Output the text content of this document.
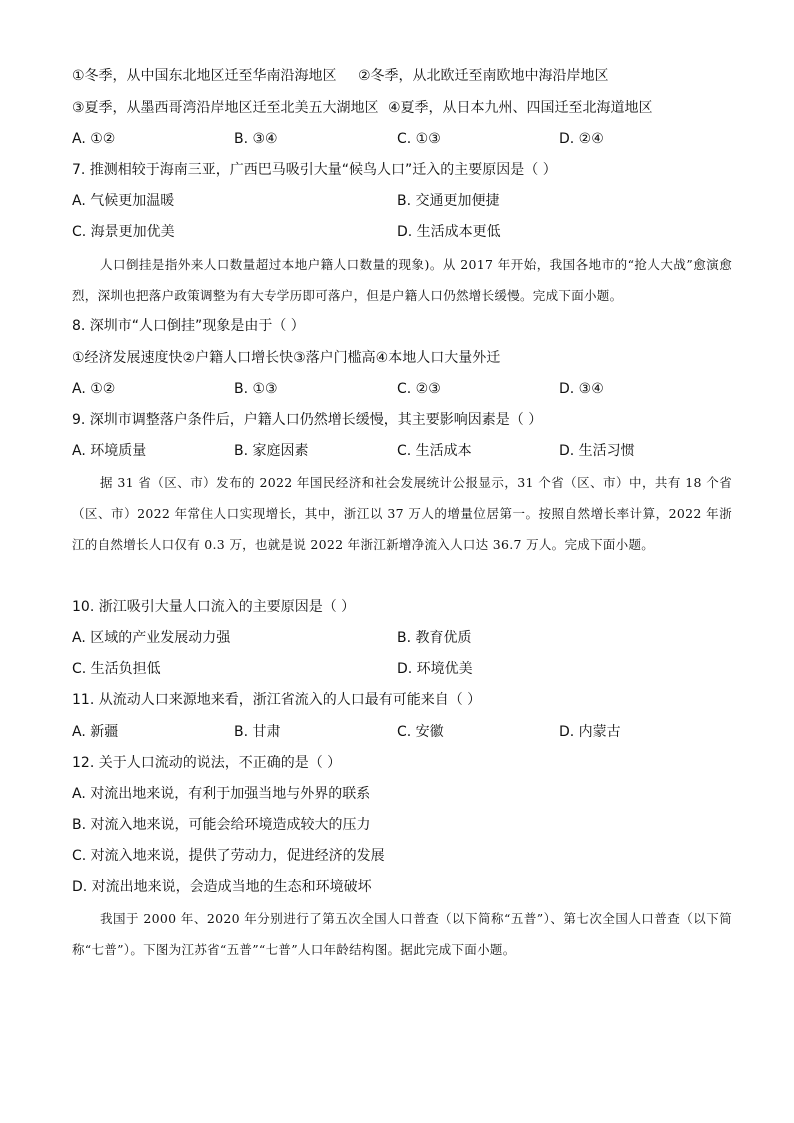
①冬季，从中国东北地区迁至华南沿海地区 ②冬季，从北欧迁至南欧地中海沿岸地区
③夏季，从墨西哥湾沿岸地区迁至北美五大湖地区 ④夏季，从日本九州、四国迁至北海道地区
A. ①②	B. ③④	C. ①③	D. ②④
7. 推测相较于海南三亚，广西巴马吸引大量“候鸟人口”迁入的主要原因是（ ）
A. 气候更加温暖	B. 交通更加便捷
C. 海景更加优美	D. 生活成本更低
人口倒挂是指外来人口数量超过本地户籍人口数量的现象)。从 2017 年开始，我国各地市的“抢人大战”愈演愈烈，深圳也把落户政策调整为有大专学历即可落户，但是户籍人口仍然增长缓慢。完成下面小题。
8. 深圳市“人口倒挂”现象是由于（ ）
①经济发展速度快②户籍人口增长快③落户门槛高④本地人口大量外迁
A. ①②	B. ①③	C. ②③	D. ③④
9. 深圳市调整落户条件后，户籍人口仍然增长缓慢，其主要影响因素是（ ）
A. 环境质量	B. 家庭因素	C. 生活成本	D. 生活习惯
据 31 省（区、市）发布的 2022 年国民经济和社会发展统计公报显示，31 个省（区、市）中，共有 18 个省（区、市）2022 年常住人口实现增长，其中，浙江以 37 万人的增量位居第一。按照自然增长率计算，2022 年浙江的自然增长人口仅有 0.3 万，也就是说 2022 年浙江新增净流入人口达 36.7 万人。完成下面小题。
10. 浙江吸引大量人口流入的主要原因是（ ）
A. 区域的产业发展动力强	B. 教育优质
C. 生活负担低	D. 环境优美
11. 从流动人口来源地来看，浙江省流入的人口最有可能来自（ ）
A. 新疆	B. 甘肃	C. 安徽	D. 内蒙古
12. 关于人口流动的说法，不正确的是（ ）
A. 对流出地来说，有利于加强当地与外界的联系
B. 对流入地来说，可能会给环境造成较大的压力
C. 对流入地来说，提供了劳动力，促进经济的发展
D. 对流出地来说，会造成当地的生态和环境破坏
我国于 2000 年、2020 年分别进行了第五次全国人口普查（以下简称“五普”）、第七次全国人口普查（以下简称“七普”）。下图为江苏省“五普”“七普”人口年龄结构图。据此完成下面小题。
